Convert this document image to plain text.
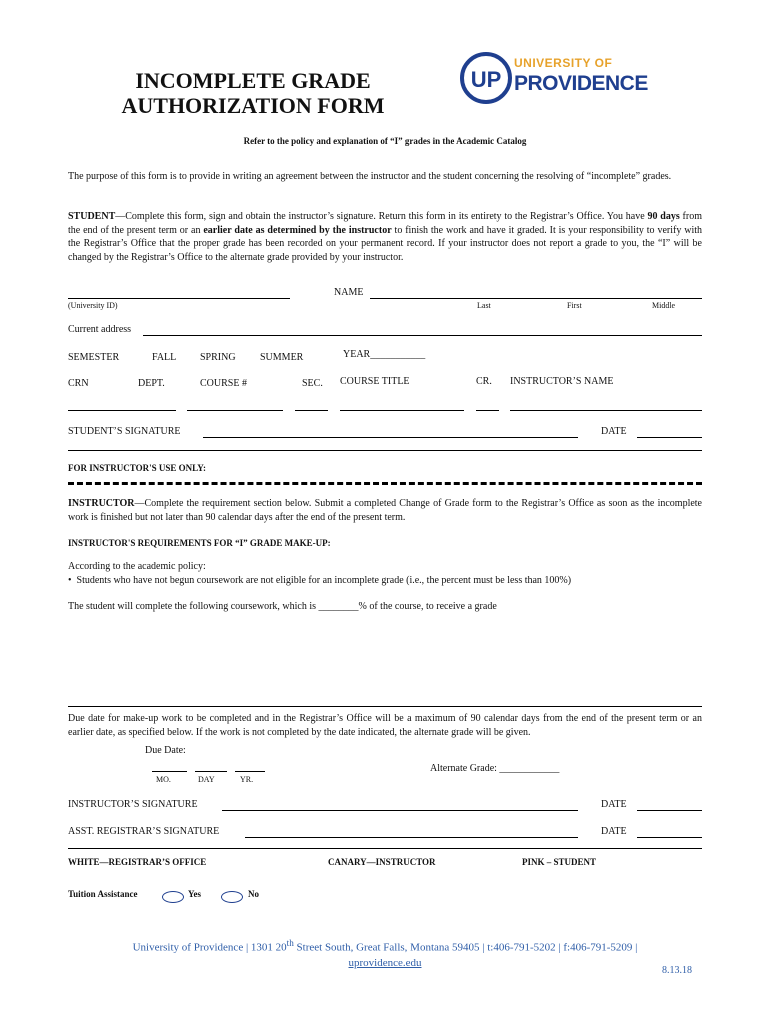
INCOMPLETE GRADE
AUTHORIZATION FORM
UP
UNIVERSITY OF
PROVIDENCE
Refer to the policy and explanation of “I” grades in the Academic Catalog
The purpose of this form is to provide in writing an agreement between the instructor and the student concerning the resolving of “incomplete” grades.
STUDENT—Complete this form, sign and obtain the instructor’s signature. Return this form in its entirety to the Registrar’s Office. You have 90 days from the end of the present term or an earlier date as determined by the instructor to finish the work and have it graded. It is your responsibility to verify with the Registrar’s Office that the proper grade has been recorded on your permanent record. If your instructor does not report a grade to you, the “I” will be changed by the Registrar’s Office to the alternate grade provided by your instructor.
(University ID)
NAME
Last	First	Middle
Current address
SEMESTER	FALL SPRING SUMMER	YEAR___________
CRN	DEPT.	COURSE #	SEC. COURSE TITLE	CR. INSTRUCTOR’S NAME
STUDENT’S SIGNATURE	DATE
FOR INSTRUCTOR'S USE ONLY:
INSTRUCTOR—Complete the requirement section below. Submit a completed Change of Grade form to the Registrar’s Office as soon as the incomplete work is finished but not later than 90 calendar days after the end of the present term.
INSTRUCTOR'S REQUIREMENTS FOR “I” GRADE MAKE-UP:
According to the academic policy:
•  Students who have not begun coursework are not eligible for an incomplete grade (i.e., the percent must be less than 100%)
The student will complete the following coursework, which is ________% of the course, to receive a grade
Due date for make-up work to be completed and in the Registrar’s Office will be a maximum of 90 calendar days from the end of the present term or an earlier date, as specified below. If the work is not completed by the date indicated, the alternate grade will be given.
Due Date:
MO.	DAY	YR.
Alternate Grade: ____________
INSTRUCTOR’S SIGNATURE	DATE
ASST. REGISTRAR’S SIGNATURE	DATE
WHITE—REGISTRAR’S OFFICE	CANARY—INSTRUCTOR	PINK – STUDENT
Tuition Assistance	Yes	No
University of Providence | 1301 20th Street South, Great Falls, Montana 59405 | t:406-791-5202 | f:406-791-5209 |
uprovidence.edu
8.13.18
